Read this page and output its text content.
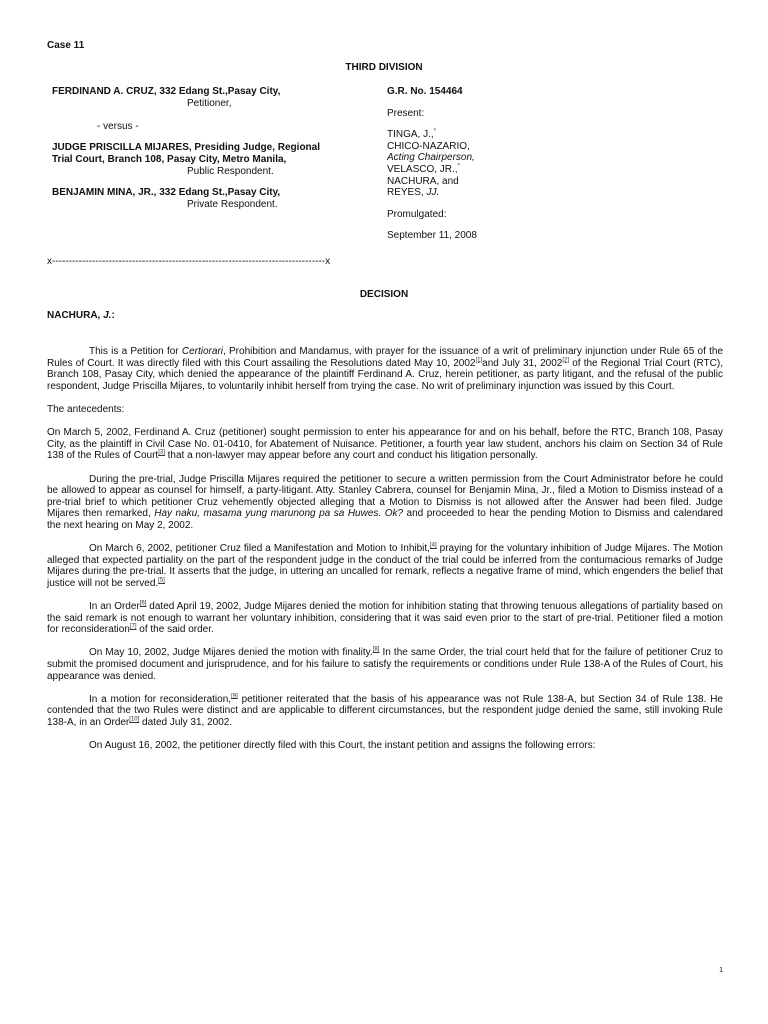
Case 11
THIRD DIVISION
FERDINAND A. CRUZ, 332 Edang St.,Pasay City,
Petitioner,
- versus -
JUDGE PRISCILLA MIJARES, Presiding Judge, Regional
Trial Court, Branch 108, Pasay City, Metro Manila,
Public Respondent.
BENJAMIN MINA, JR., 332 Edang St.,Pasay City,
Private Respondent.
G.R. No. 154464
Present:
TINGA, J.,*
CHICO-NAZARIO,
Acting Chairperson,
VELASCO, JR.,*
NACHURA, and
REYES, JJ.
Promulgated:
September 11, 2008
x----------------------------------------------------------------------------------x
DECISION
NACHURA, J.:

This is a Petition for Certiorari, Prohibition and Mandamus, with prayer for the issuance of a writ of preliminary injunction under Rule 65 of the Rules of Court. It was directly filed with this Court assailing the Resolutions dated May 10, 2002[1]and July 31, 2002[2] of the Regional Trial Court (RTC), Branch 108, Pasay City, which denied the appearance of the plaintiff Ferdinand A. Cruz, herein petitioner, as party litigant, and the refusal of the public respondent, Judge Priscilla Mijares, to voluntarily inhibit herself from trying the case. No writ of preliminary injunction was issued by this Court.

The antecedents:

On March 5, 2002, Ferdinand A. Cruz (petitioner) sought permission to enter his appearance for and on his behalf, before the RTC, Branch 108, Pasay City, as the plaintiff in Civil Case No. 01-0410, for Abatement of Nuisance. Petitioner, a fourth year law student, anchors his claim on Section 34 of Rule 138 of the Rules of Court[3] that a non-lawyer may appear before any court and conduct his litigation personally.

During the pre-trial, Judge Priscilla Mijares required the petitioner to secure a written permission from the Court Administrator before he could be allowed to appear as counsel for himself, a party-litigant. Atty. Stanley Cabrera, counsel for Benjamin Mina, Jr., filed a Motion to Dismiss instead of a pre-trial brief to which petitioner Cruz vehemently objected alleging that a Motion to Dismiss is not allowed after the Answer had been filed. Judge Mijares then remarked, Hay naku, masama yung marunong pa sa Huwes. Ok? and proceeded to hear the pending Motion to Dismiss and calendared the next hearing on May 2, 2002.

On March 6, 2002, petitioner Cruz filed a Manifestation and Motion to Inhibit,[4] praying for the voluntary inhibition of Judge Mijares. The Motion alleged that expected partiality on the part of the respondent judge in the conduct of the trial could be inferred from the contumacious remarks of Judge Mijares during the pre-trial. It asserts that the judge, in uttering an uncalled for remark, reflects a negative frame of mind, which engenders the belief that justice will not be served.[5]

In an Order[6] dated April 19, 2002, Judge Mijares denied the motion for inhibition stating that throwing tenuous allegations of partiality based on the said remark is not enough to warrant her voluntary inhibition, considering that it was said even prior to the start of pre-trial. Petitioner filed a motion for reconsideration[7] of the said order.

On May 10, 2002, Judge Mijares denied the motion with finality.[8] In the same Order, the trial court held that for the failure of petitioner Cruz to submit the promised document and jurisprudence, and for his failure to satisfy the requirements or conditions under Rule 138-A of the Rules of Court, his appearance was denied.

In a motion for reconsideration,[9] petitioner reiterated that the basis of his appearance was not Rule 138-A, but Section 34 of Rule 138. He contended that the two Rules were distinct and are applicable to different circumstances, but the respondent judge denied the same, still invoking Rule 138-A, in an Order[10] dated July 31, 2002.

On August 16, 2002, the petitioner directly filed with this Court, the instant petition and assigns the following errors:

1
